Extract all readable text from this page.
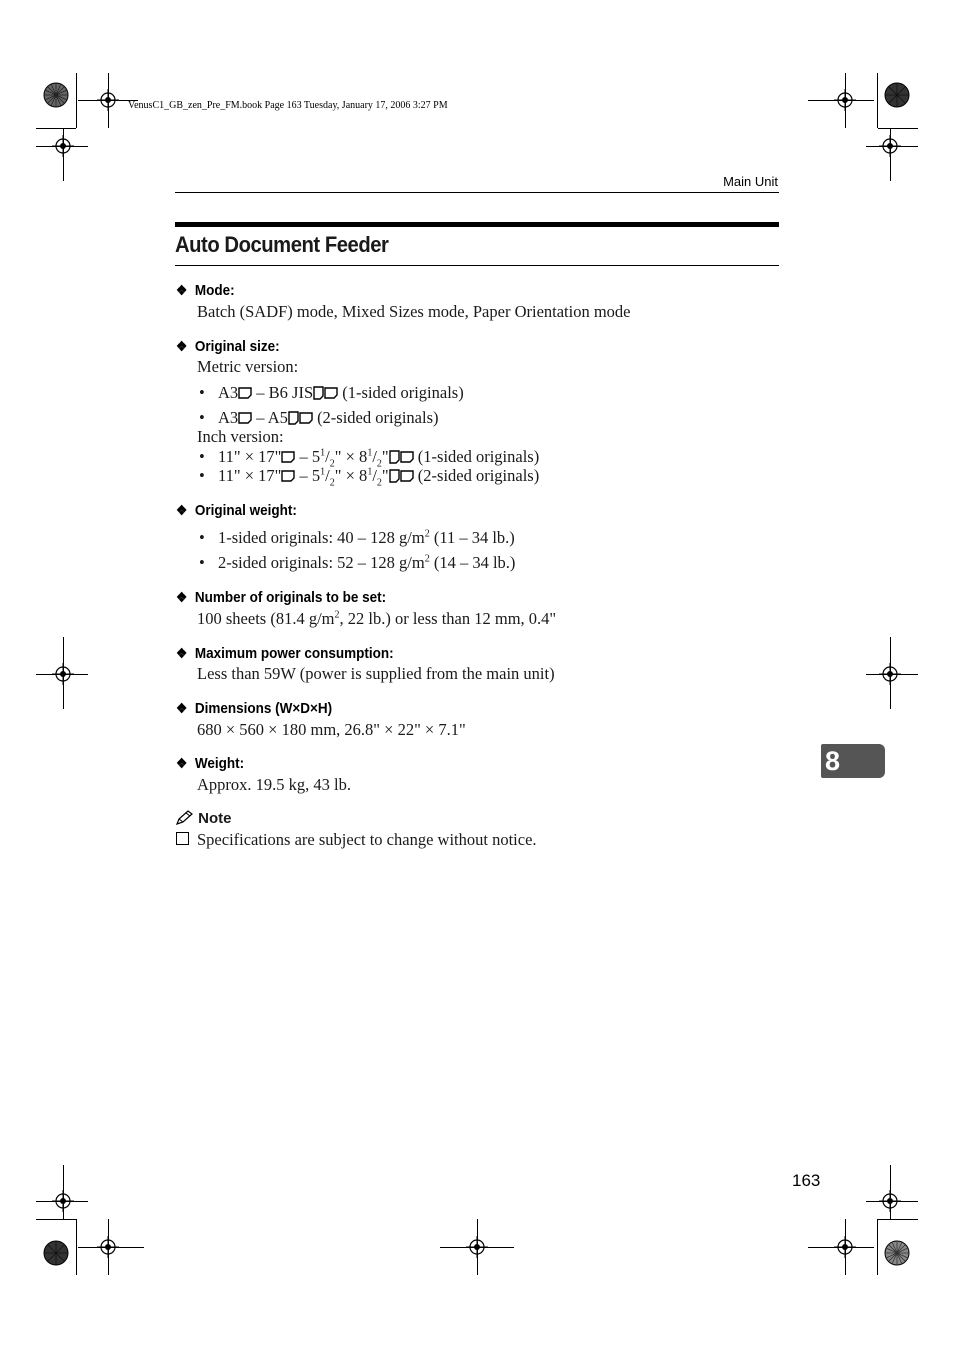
VenusC1_GB_zen_Pre_FM.book Page 163 Tuesday, January 17, 2006 3:27 PM
Main Unit
Auto Document Feeder
❖ Mode:
Batch (SADF) mode, Mixed Sizes mode, Paper Orientation mode
❖ Original size:
Metric version:
• A3 – B6 JIS (1-sided originals)
• A3 – A5 (2-sided originals)
Inch version:
• 11" × 17" – $5^1/_2$" × $8^1/_2$" (1-sided originals)
• 11" × 17" – $5^1/_2$" × $8^1/_2$" (2-sided originals)
❖ Original weight:
• 1-sided originals: 40 – 128 $g/m^2$ (11 – 34 lb.)
• 2-sided originals: 52 – 128 $g/m^2$ (14 – 34 lb.)
❖ Number of originals to be set:
100 sheets (81.4 $g/m^2$, 22 lb.) or less than 12 mm, 0.4"
❖ Maximum power consumption:
Less than 59W (power is supplied from the main unit)
❖ Dimensions (W×D×H)
680 × 560 × 180 mm, 26.8" × 22" × 7.1"
❖ Weight:
Approx. 19.5 kg, 43 lb.
Note
Specifications are subject to change without notice.
8
163
